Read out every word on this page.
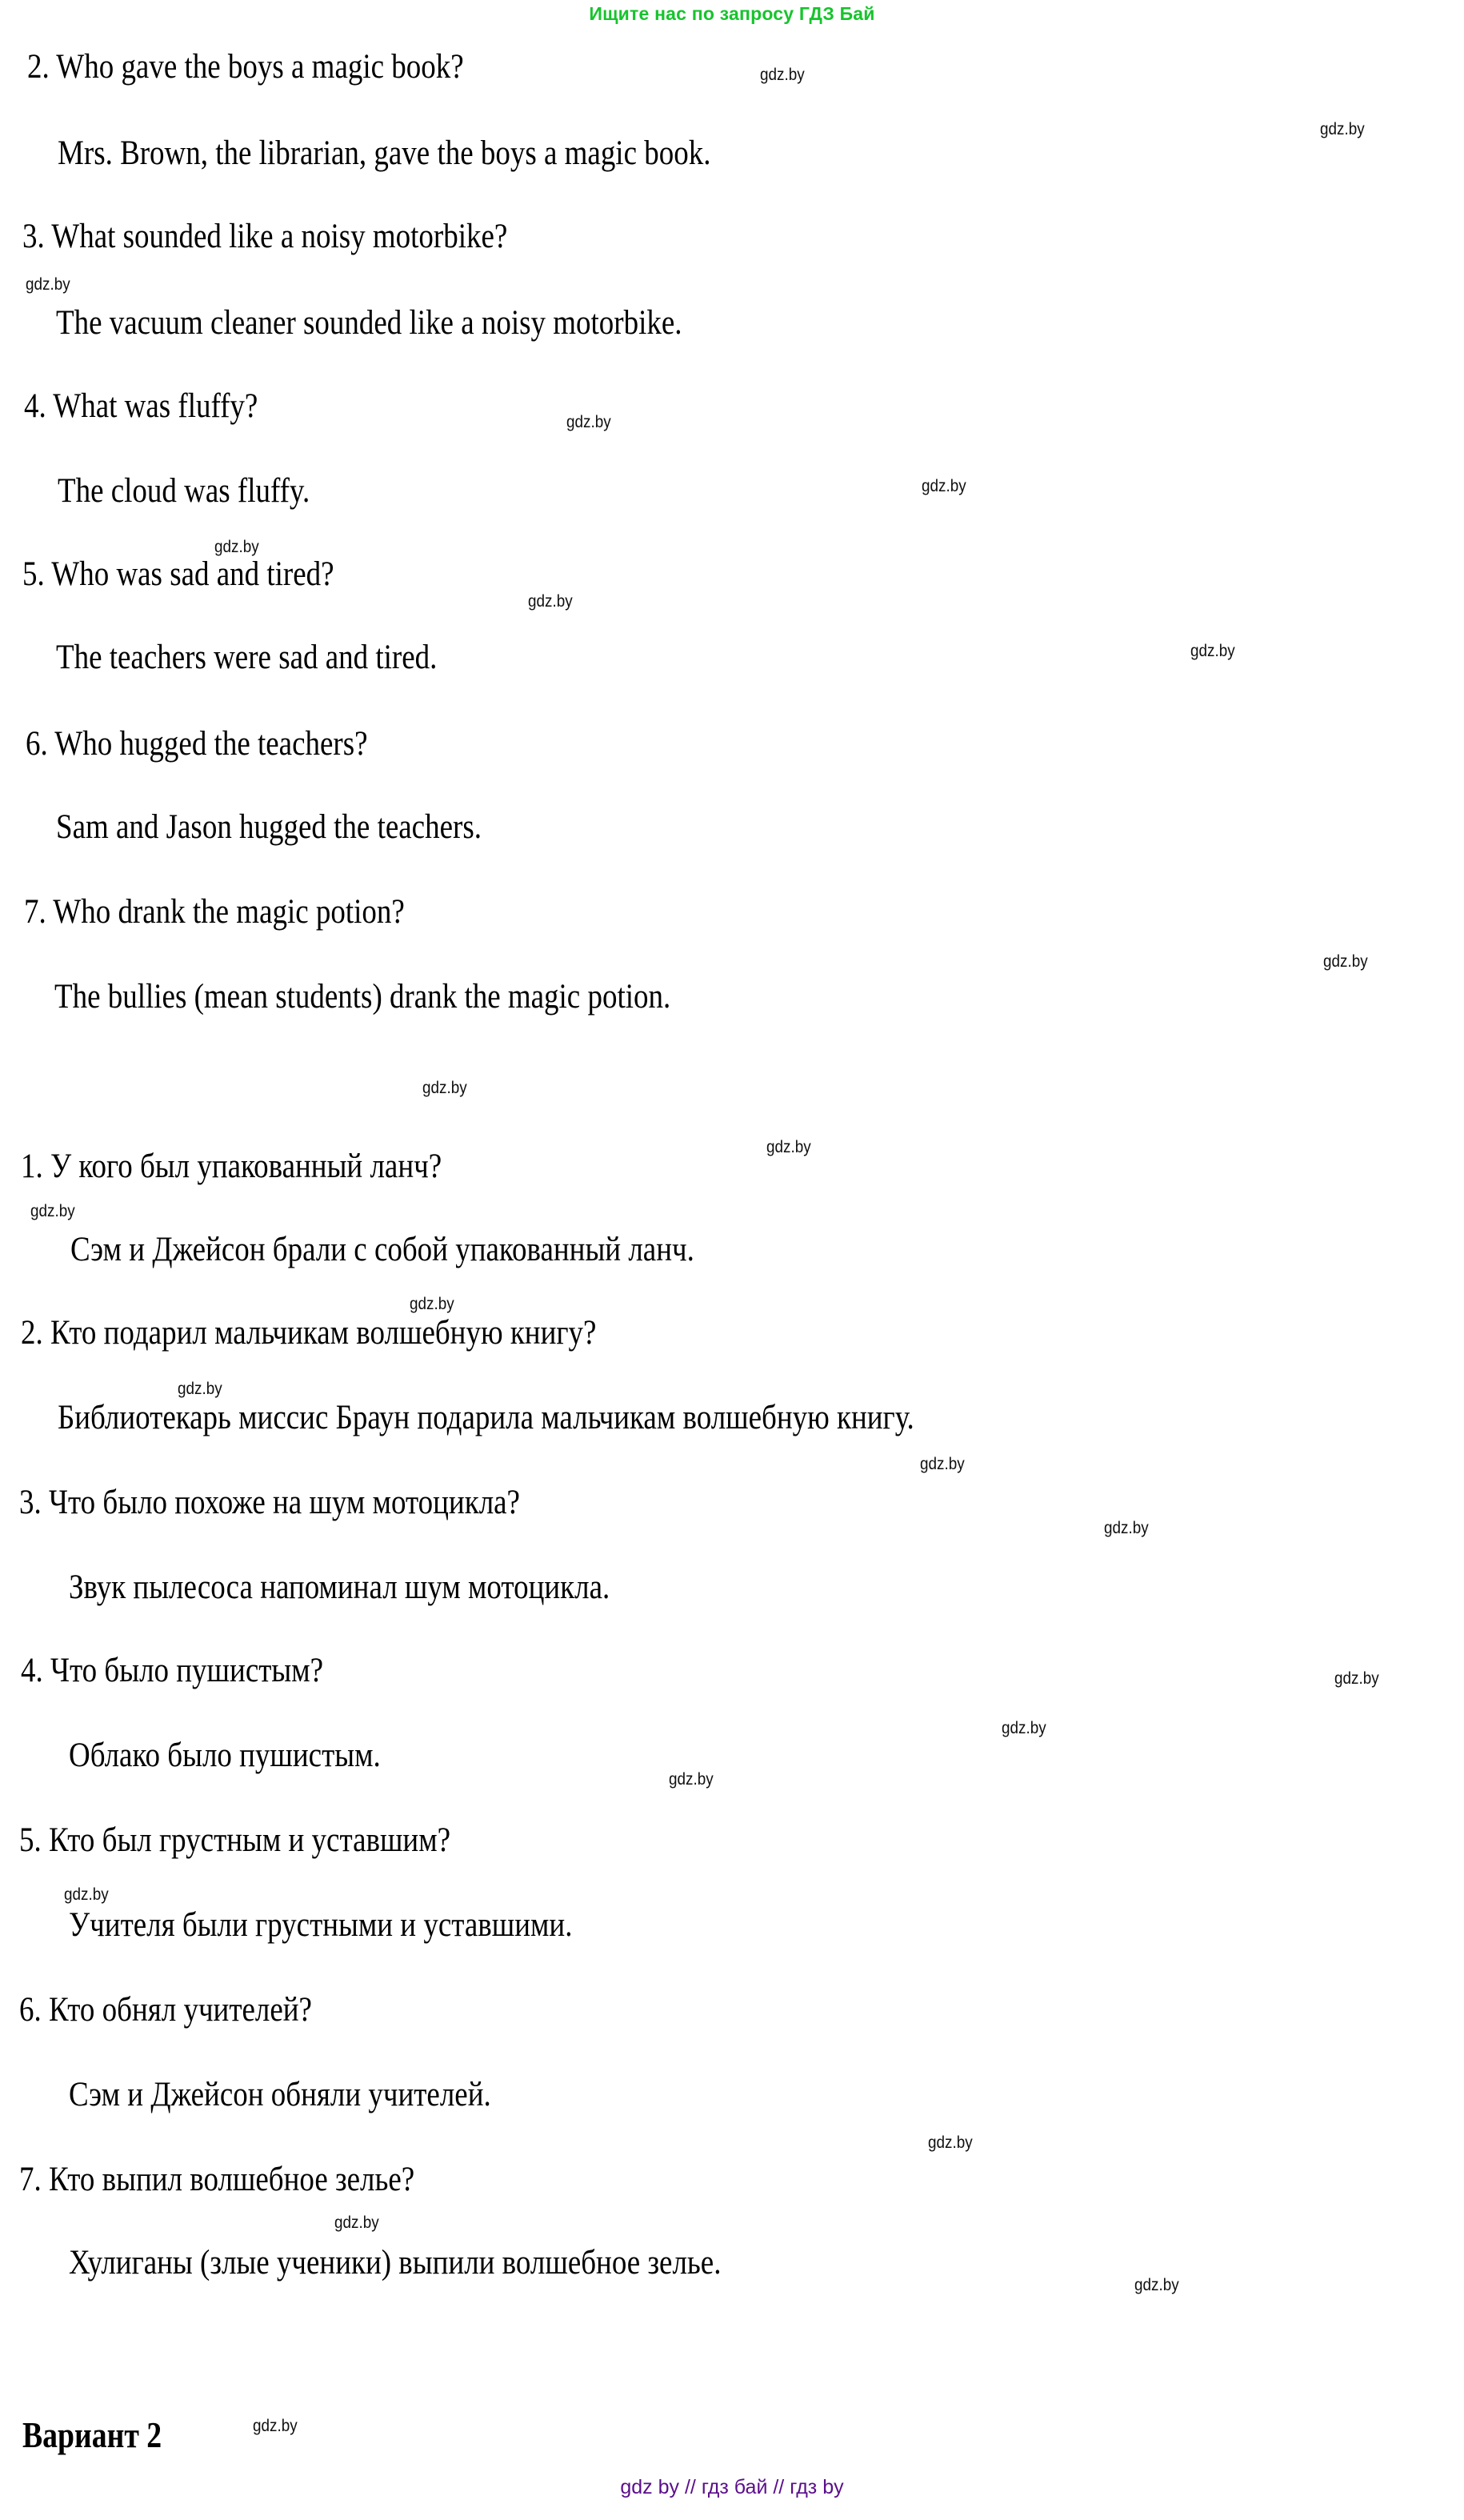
Ищите нас по запросу ГДЗ Бай
2. Who gave the boys a magic book?
Mrs. Brown, the librarian, gave the boys a magic book.
3. What sounded like a noisy motorbike?
The vacuum cleaner sounded like a noisy motorbike.
4. What was fluffy?
The cloud was fluffy.
5. Who was sad and tired?
The teachers were sad and tired.
6. Who hugged the teachers?
Sam and Jason hugged the teachers.
7. Who drank the magic potion?
The bullies (mean students) drank the magic potion.
1. У кого был упакованный ланч?
Сэм и Джейсон брали с собой упакованный ланч.
2. Кто подарил мальчикам волшебную книгу?
Библиотекарь миссис Браун подарила мальчикам волшебную книгу.
3. Что было похоже на шум мотоцикла?
Звук пылесоса напоминал шум мотоцикла.
4. Что было пушистым?
Облако было пушистым.
5. Кто был грустным и уставшим?
Учителя были грустными и уставшими.
6. Кто обнял учителей?
Сэм и Джейсон обняли учителей.
7. Кто выпил волшебное зелье?
Хулиганы (злые ученики) выпили волшебное зелье.
Вариант 2
gdz.by
gdz.by
gdz.by
gdz.by
gdz.by
gdz.by
gdz.by
gdz.by
gdz.by
gdz.by
gdz.by
gdz.by
gdz.by
gdz.by
gdz.by
gdz.by
gdz.by
gdz.by
gdz.by
gdz.by
gdz.by
gdz.by
gdz.by
gdz.by
gdz by // гдз бай // гдз by
